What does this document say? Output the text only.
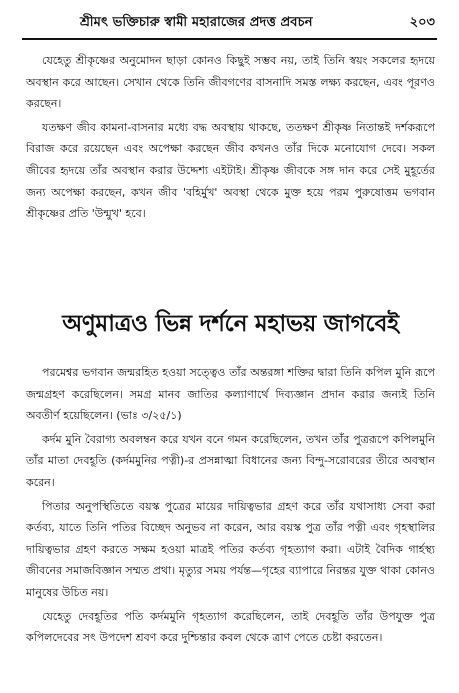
শ্রীমৎ ভক্তিচারু স্বামী মহারাজের প্রদত্ত প্রবচন	২০৩

যেহেতু শ্রীকৃষ্ণের অনুমোদন ছাড়া কোনও কিছুই সম্ভব নয়, তাই তিনি স্বয়ং সকলের হৃদয়ে অবস্থান করে আছেন। সেখান থেকে তিনি জীবগণের বাসনাদি সমস্ত লক্ষ্য করছেন, এবং পূরণও করছেন।

যতক্ষণ জীব কামনা-বাসনার মধ্যে বদ্ধ অবস্থায় থাকছে, ততক্ষণ শ্রীকৃষ্ণ নিতান্তই দর্শকরূপে বিরাজ করে রয়েছেন এবং অপেক্ষা করছেন জীব কখনও তাঁর দিকে মনোযোগ দেবে। সকল জীবের হৃদয়ে তাঁর অবস্থান করার উদ্দেশ্য এইটাই। শ্রীকৃষ্ণ জীবকে সঙ্গ দান করে সেই মুহূর্তের জন্য অপেক্ষা করছেন, কখন জীব 'বহির্মুখ' অবস্থা থেকে মুক্ত হয়ে পরম পুরুষোত্তম ভগবান শ্রীকৃষ্ণের প্রতি 'উন্মুখ' হবে।

অণুমাত্রও ভিন্ন দর্শনে মহাভয় জাগবেই

পরমেশ্বর ভগবান জন্মরহিত হওয়া সত্ত্বেও তাঁর অন্তরঙ্গা শক্তির দ্বারা তিনি কপিল মুনি রূপে জন্মগ্রহণ করেছিলেন। সমগ্র মানব জাতির কল্যাণার্থে দিব্যজ্ঞান প্রদান করার জন্যই তিনি অবতীর্ণ হয়েছিলেন। (ভাঃ ৩/২৫/১)

কর্দম মুনি বৈরাগ্য অবলম্বন করে যখন বনে গমন করেছিলেন, তখন তাঁর পুত্ররূপে কপিলমুনি তাঁর মাতা দেবহূতি (কর্দমমুনির পত্নী)-র প্রসন্নাত্মা বিধানের জন্য বিন্দু-সরোবরের তীরে অবস্থান করেন।

পিতার অনুপস্থিতিতে বয়স্ক পুত্রের মায়ের দায়িত্বভার গ্রহণ করে তাঁর যথাসাধ্য সেবা করা কর্তব্য, যাতে তিনি পতির বিচ্ছেদ অনুভব না করেন, আর বয়স্ক পুত্র তাঁর পত্নী এবং গৃহস্থালির দায়িত্বভার গ্রহণ করতে সক্ষম হওয়া মাত্রই পতির কর্তব্য গৃহত্যাগ করা। এটাই বৈদিক গার্হস্থ্য জীবনের সমাজবিজ্ঞান সম্মত প্রথা। মৃত্যুর সময় পর্যন্ত—গৃহের ব্যাপারে নিরন্তর যুক্ত থাকা কোনও মানুষের উচিত নয়।

যেহেতু দেবহূতির পতি কর্দমমুনি গৃহত্যাগ করেছিলেন, তাই দেবহূতি তাঁর উপযুক্ত পুত্র কপিলদেবের সৎ উপদেশ শ্রবণ করে দুশ্চিন্তার কবল থেকে ত্রাণ পেতে চেষ্টা করতেন।
